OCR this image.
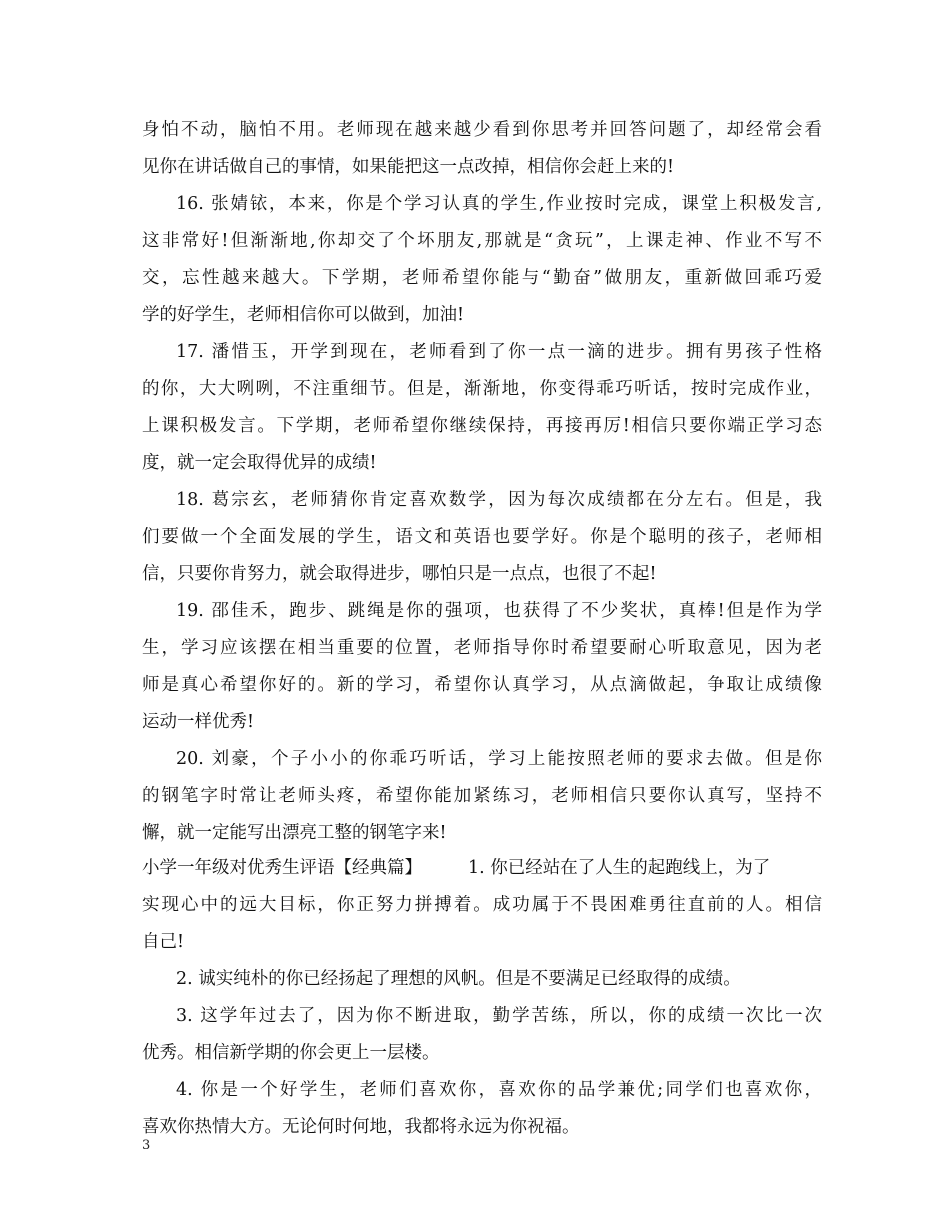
身怕不动，脑怕不用。老师现在越来越少看到你思考并回答问题了，却经常会看
见你在讲话做自己的事情，如果能把这一点改掉，相信你会赶上来的!
16. 张婧铱，本来，你是个学习认真的学生,作业按时完成，课堂上积极发言,
这非常好!但渐渐地,你却交了个坏朋友,那就是“贪玩”，上课走神、作业不写不
交，忘性越来越大。下学期，老师希望你能与“勤奋”做朋友，重新做回乖巧爱
学的好学生，老师相信你可以做到，加油!
17. 潘惜玉，开学到现在，老师看到了你一点一滴的进步。拥有男孩子性格
的你，大大咧咧，不注重细节。但是，渐渐地，你变得乖巧听话，按时完成作业，
上课积极发言。下学期，老师希望你继续保持，再接再厉!相信只要你端正学习态
度，就一定会取得优异的成绩!
18. 葛宗玄，老师猜你肯定喜欢数学，因为每次成绩都在分左右。但是，我
们要做一个全面发展的学生，语文和英语也要学好。你是个聪明的孩子，老师相
信，只要你肯努力，就会取得进步，哪怕只是一点点，也很了不起!
19. 邵佳禾，跑步、跳绳是你的强项，也获得了不少奖状，真棒!但是作为学
生，学习应该摆在相当重要的位置，老师指导你时希望要耐心听取意见，因为老
师是真心希望你好的。新的学习，希望你认真学习，从点滴做起，争取让成绩像
运动一样优秀!
20. 刘豪，个子小小的你乖巧听话，学习上能按照老师的要求去做。但是你
的钢笔字时常让老师头疼，希望你能加紧练习，老师相信只要你认真写，坚持不
懈，就一定能写出漂亮工整的钢笔字来!
小学一年级对优秀生评语【经典篇】	1. 你已经站在了人生的起跑线上，为了
实现心中的远大目标，你正努力拼搏着。成功属于不畏困难勇往直前的人。相信
自己!
2. 诚实纯朴的你已经扬起了理想的风帆。但是不要满足已经取得的成绩。
3. 这学年过去了，因为你不断进取，勤学苦练，所以，你的成绩一次比一次
优秀。相信新学期的你会更上一层楼。
4. 你是一个好学生，老师们喜欢你，喜欢你的品学兼优;同学们也喜欢你，
喜欢你热情大方。无论何时何地，我都将永远为你祝福。
3
